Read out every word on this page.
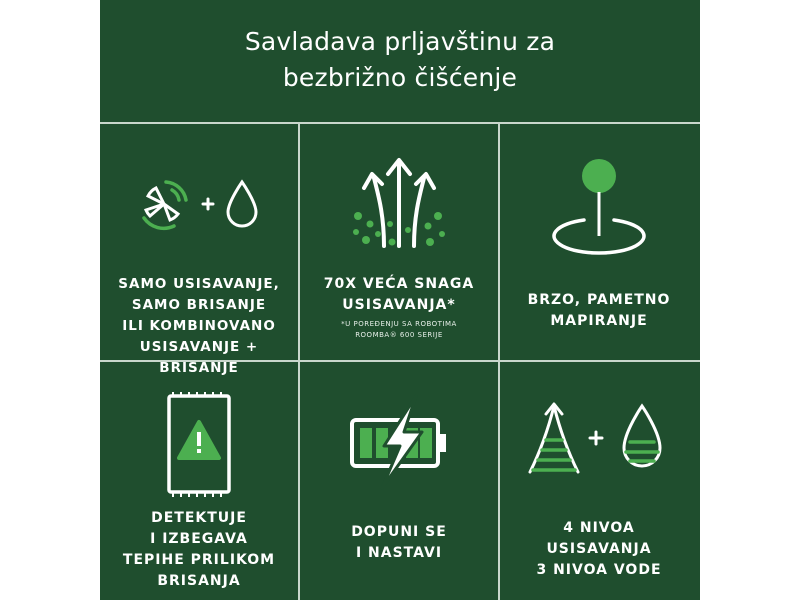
Savladava prljavštinu za
bezbrižno čišćenje
SAMO USISAVANJE,
SAMO BRISANJE
ILI KOMBINOVANO
USISAVANJE + BRISANJE
70X VEĆA SNAGA
USISAVANJA*
*U POREĐENJU SA ROBOTIMA
ROOMBA® 600 SERIJE
BRZO, PAMETNO
MAPIRANJE
DETEKTUJE
I IZBEGAVA
TEPIHE PRILIKOM
BRISANJA
DOPUNI SE
I NASTAVI
4 NIVOA
USISAVANJA
3 NIVOA VODE
